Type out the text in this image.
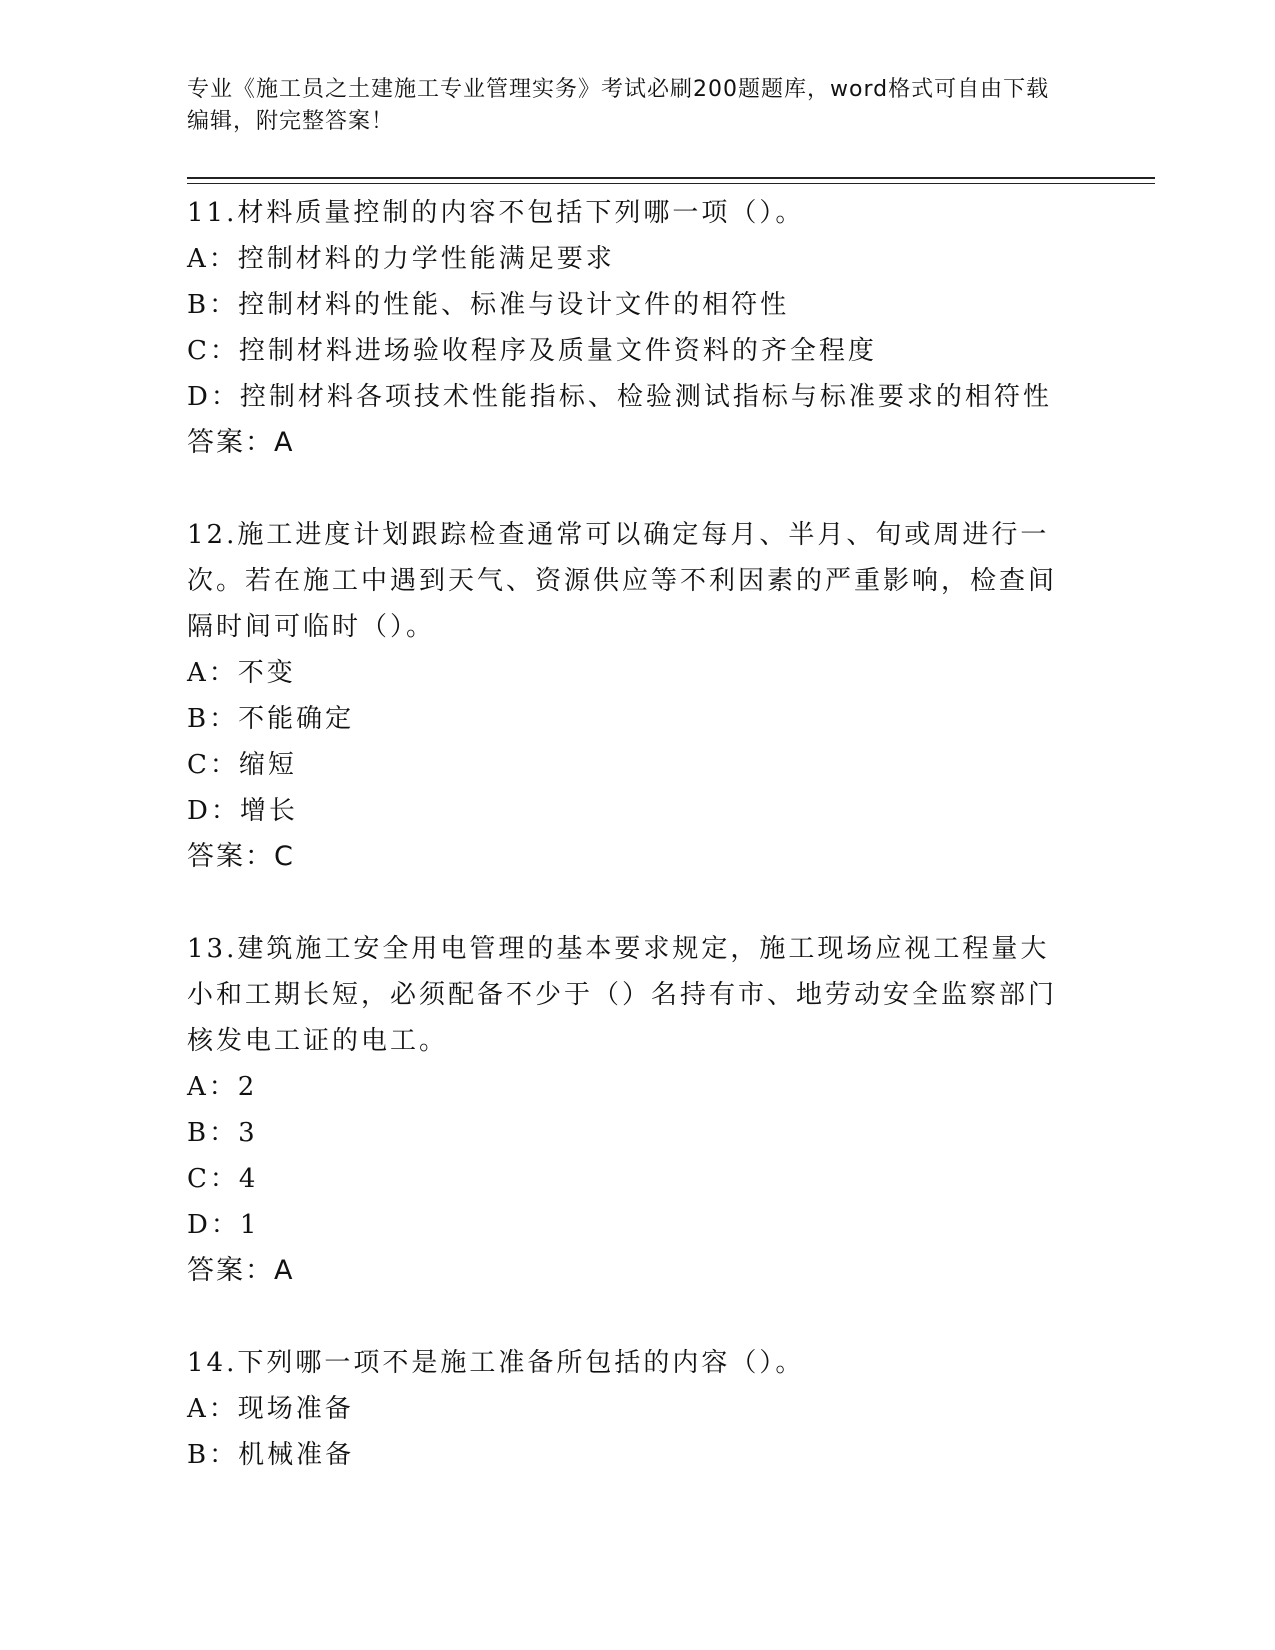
专业《施工员之土建施工专业管理实务》考试必刷200题题库，word格式可自由下载编辑，附完整答案！
11.材料质量控制的内容不包括下列哪一项（）。
A：控制材料的力学性能满足要求
B：控制材料的性能、标准与设计文件的相符性
C：控制材料进场验收程序及质量文件资料的齐全程度
D：控制材料各项技术性能指标、检验测试指标与标准要求的相符性
答案：A
12.施工进度计划跟踪检查通常可以确定每月、半月、旬或周进行一次。若在施工中遇到天气、资源供应等不利因素的严重影响，检查间隔时间可临时（）。
A：不变
B：不能确定
C：缩短
D：增长
答案：C
13.建筑施工安全用电管理的基本要求规定，施工现场应视工程量大小和工期长短，必须配备不少于（）名持有市、地劳动安全监察部门核发电工证的电工。
A：2
B：3
C：4
D：1
答案：A
14.下列哪一项不是施工准备所包括的内容（）。
A：现场准备
B：机械准备
